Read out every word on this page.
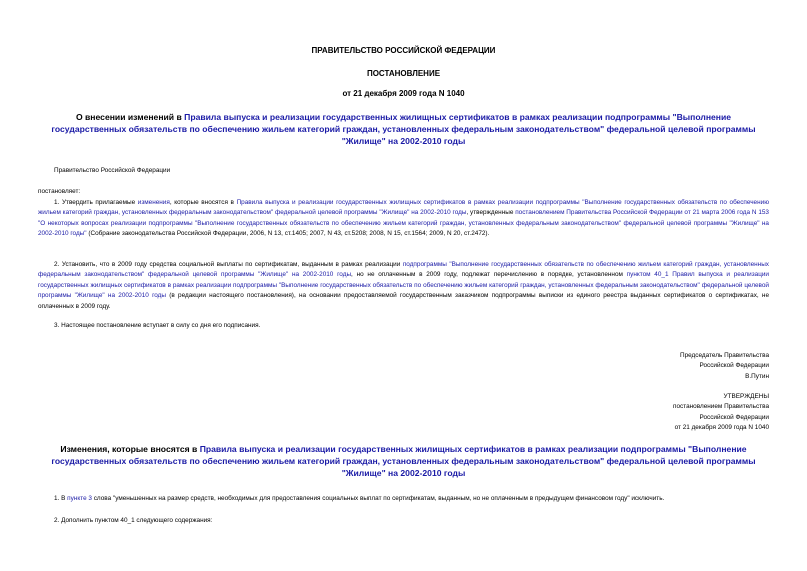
ПРАВИТЕЛЬСТВО РОССИЙСКОЙ ФЕДЕРАЦИИ
ПОСТАНОВЛЕНИЕ
от 21 декабря 2009 года N 1040
О внесении изменений в Правила выпуска и реализации государственных жилищных сертификатов в рамках реализации подпрограммы "Выполнение государственных обязательств по обеспечению жильем категорий граждан, установленных федеральным законодательством" федеральной целевой программы "Жилище" на 2002-2010 годы
Правительство Российской Федерации
постановляет:
1. Утвердить прилагаемые изменения, которые вносятся в Правила выпуска и реализации государственных жилищных сертификатов в рамках реализации подпрограммы "Выполнение государственных обязательств по обеспечению жильем категорий граждан, установленных федеральным законодательством" федеральной целевой программы "Жилище" на 2002-2010 годы, утвержденные постановлением Правительства Российской Федерации от 21 марта 2006 года N 153 "О некоторых вопросах реализации подпрограммы "Выполнение государственных обязательств по обеспечению жильем категорий граждан, установленных федеральным законодательством" федеральной целевой программы "Жилище" на 2002-2010 годы" (Собрание законодательства Российской Федерации, 2006, N 13, ст.1405; 2007, N 43, ст.5208; 2008, N 15, ст.1564; 2009, N 20, ст.2472).
2. Установить, что в 2009 году средства социальной выплаты по сертификатам, выданным в рамках реализации подпрограммы "Выполнение государственных обязательств по обеспечению жильем категорий граждан, установленных федеральным законодательством" федеральной целевой программы "Жилище" на 2002-2010 годы, но не оплаченным в 2009 году, подлежат перечислению в порядке, установленном пунктом 40_1 Правил выпуска и реализации государственных жилищных сертификатов в рамках реализации подпрограммы "Выполнение государственных обязательств по обеспечению жильем категорий граждан, установленных федеральным законодательством" федеральной целевой программы "Жилище" на 2002-2010 годы (в редакции настоящего постановления), на основании предоставляемой государственным заказчиком подпрограммы выписки из единого реестра выданных сертификатов о сертификатах, не оплаченных в 2009 году.
3. Настоящее постановление вступает в силу со дня его подписания.
Председатель Правительства
Российской Федерации
В.Путин
УТВЕРЖДЕНЫ
постановлением Правительства
Российской Федерации
от 21 декабря 2009 года N 1040
Изменения, которые вносятся в Правила выпуска и реализации государственных жилищных сертификатов в рамках реализации подпрограммы "Выполнение государственных обязательств по обеспечению жильем категорий граждан, установленных федеральным законодательством" федеральной целевой программы "Жилище" на 2002-2010 годы
1. В пункте 3 слова "уменьшенных на размер средств, необходимых для предоставления социальных выплат по сертификатам, выданным, но не оплаченным в предыдущем финансовом году" исключить.
2. Дополнить пунктом 40_1 следующего содержания:
